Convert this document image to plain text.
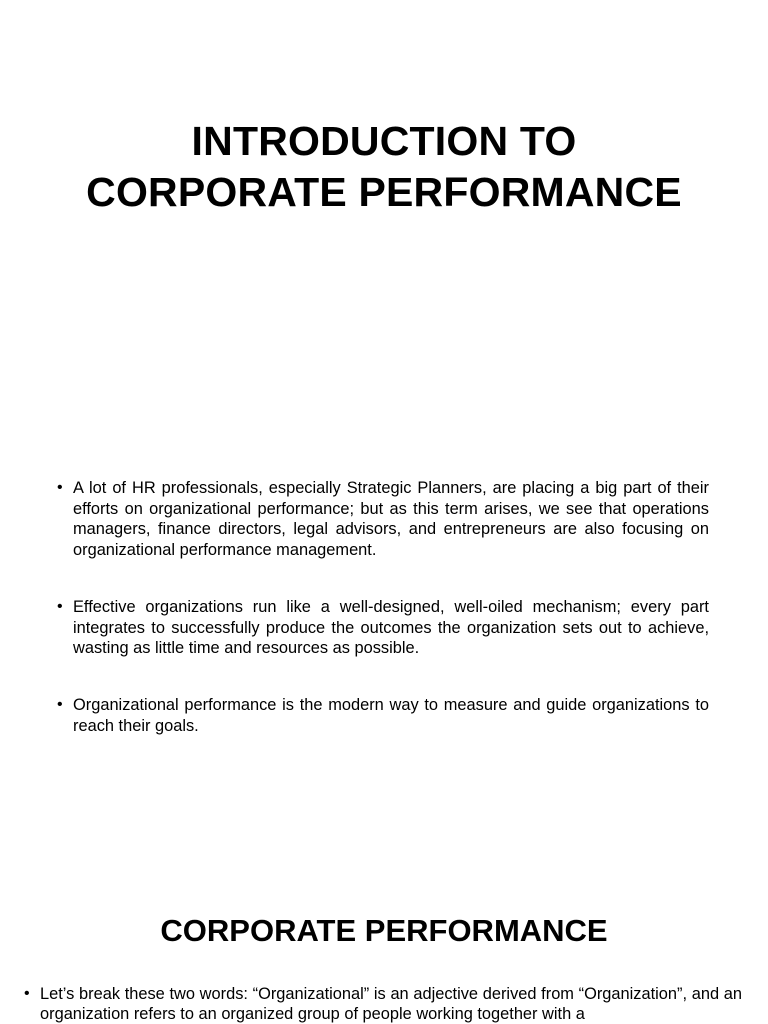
INTRODUCTION TO
CORPORATE PERFORMANCE
• A lot of HR professionals, especially Strategic Planners, are placing a big part of their efforts on organizational performance; but as this term arises, we see that operations managers, finance directors, legal advisors, and entrepreneurs are also focusing on organizational performance management.
• Effective organizations run like a well-designed, well-oiled mechanism; every part integrates to successfully produce the outcomes the organization sets out to achieve, wasting as little time and resources as possible.
• Organizational performance is the modern way to measure and guide organizations to reach their goals.
CORPORATE PERFORMANCE
• Let’s break these two words: “Organizational” is an adjective derived from “Organization”, and an organization refers to an organized group of people working together with a
